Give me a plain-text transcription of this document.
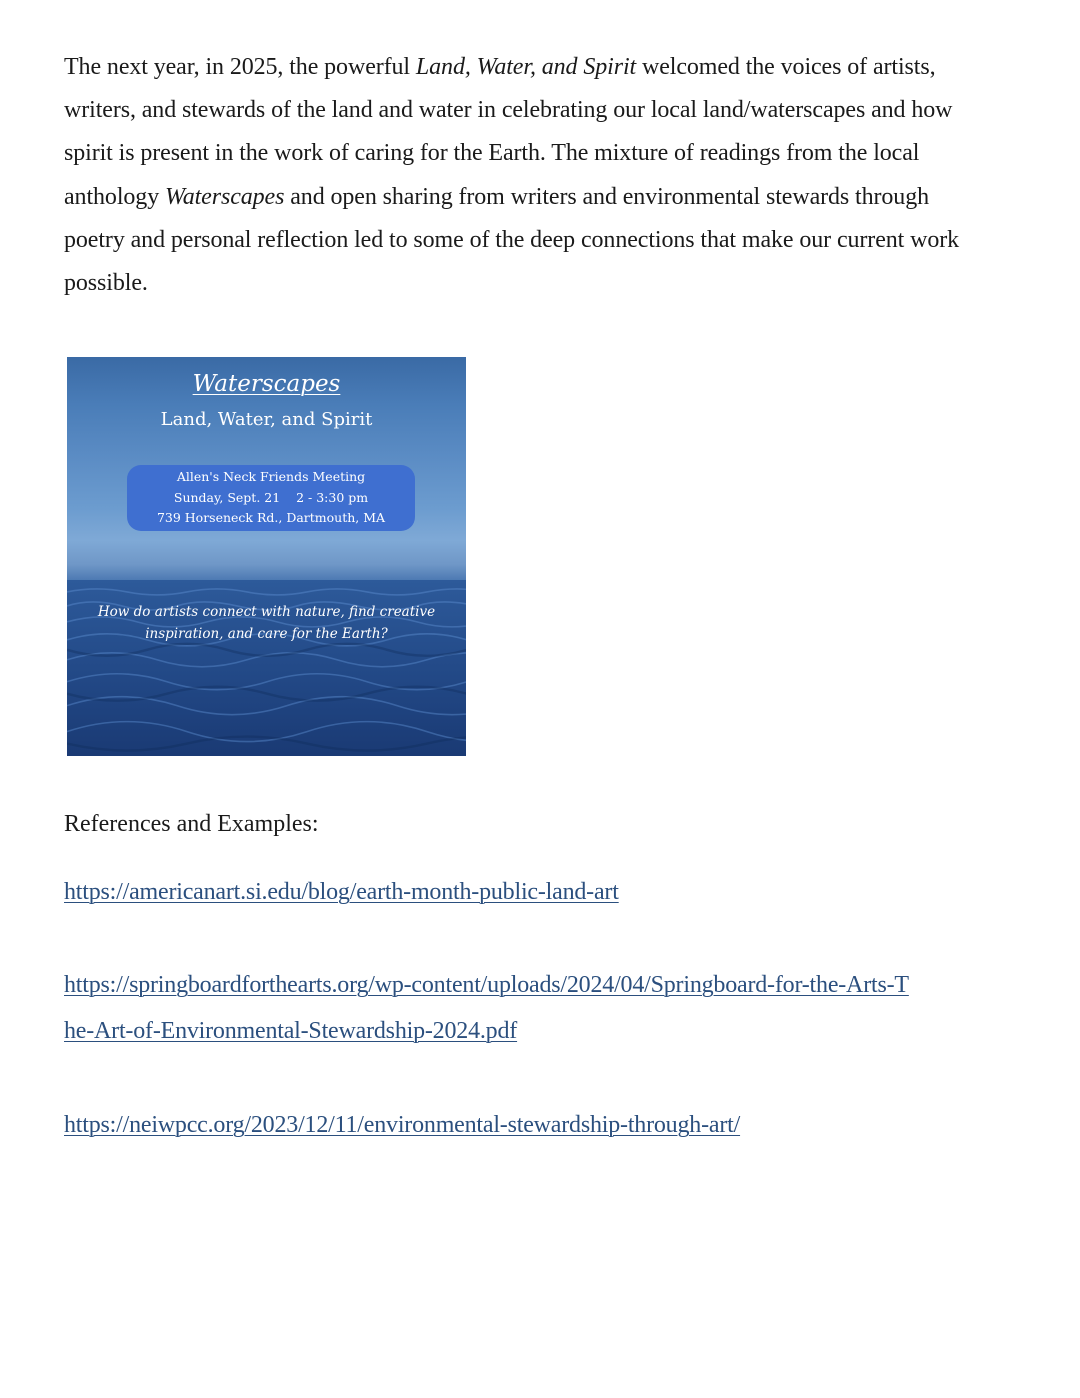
The next year, in 2025, the powerful Land, Water, and Spirit welcomed the voices of artists,
writers, and stewards of the land and water in celebrating our local land/waterscapes and how
spirit is present in the work of caring for the Earth. The mixture of readings from the local
anthology Waterscapes and open sharing from writers and environmental stewards through
poetry and personal reflection led to some of the deep connections that make our current work
possible.

Waterscapes
Land, Water, and Spirit
Allen's Neck Friends Meeting
Sunday, Sept. 21    2 - 3:30 pm
739 Horseneck Rd., Dartmouth, MA
How do artists connect with nature, find creative
inspiration, and care for the Earth?
References and Examples:
https://americanart.si.edu/blog/earth-month-public-land-art
https://springboardforthearts.org/wp-content/uploads/2024/04/Springboard-for-the-Arts-T
he-Art-of-Environmental-Stewardship-2024.pdf
https://neiwpcc.org/2023/12/11/environmental-stewardship-through-art/
